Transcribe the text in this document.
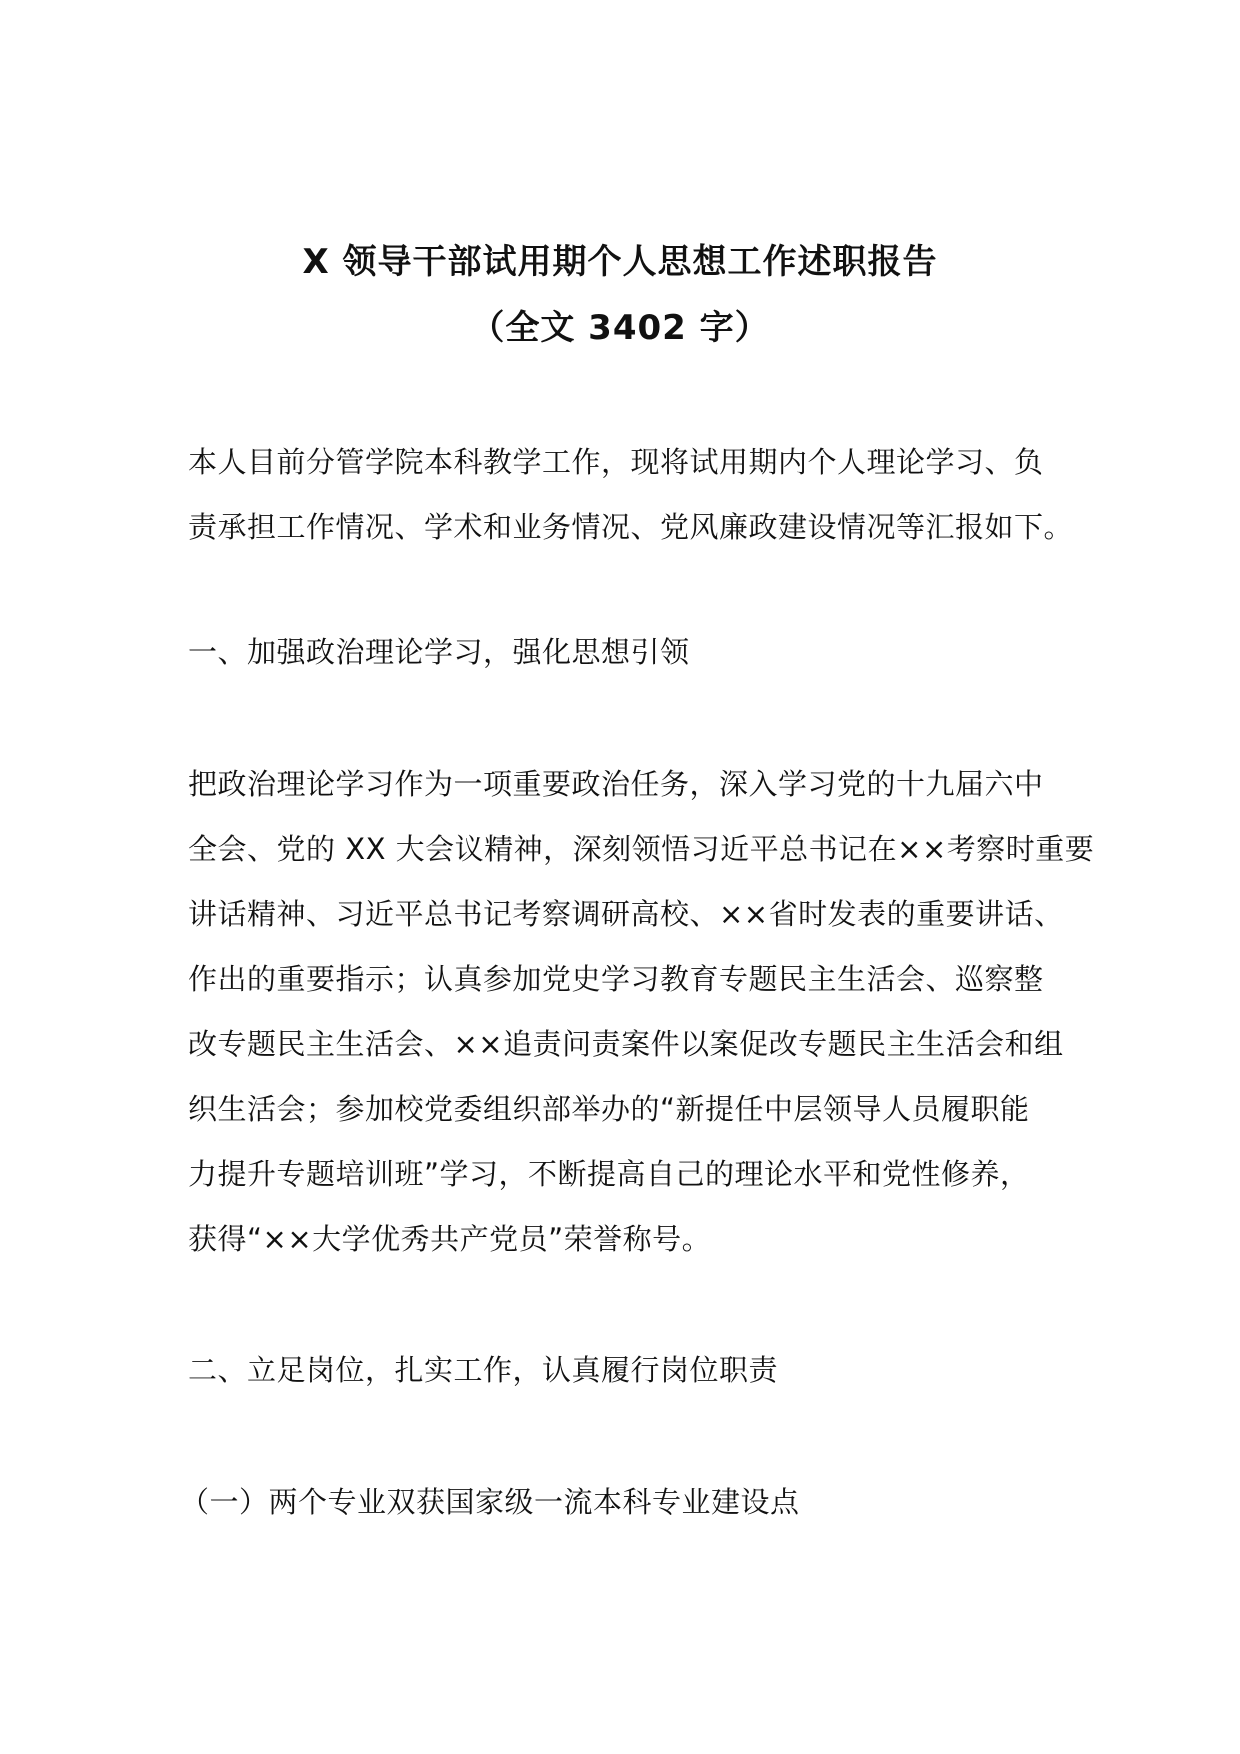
X 领导干部试用期个人思想工作述职报告
（全文 3402 字）

本人目前分管学院本科教学工作，现将试用期内个人理论学习、负
责承担工作情况、学术和业务情况、党风廉政建设情况等汇报如下。

一、加强政治理论学习，强化思想引领

把政治理论学习作为一项重要政治任务，深入学习党的十九届六中
全会、党的 XX 大会议精神，深刻领悟习近平总书记在××考察时重要
讲话精神、习近平总书记考察调研高校、××省时发表的重要讲话、
作出的重要指示；认真参加党史学习教育专题民主生活会、巡察整
改专题民主生活会、××追责问责案件以案促改专题民主生活会和组
织生活会；参加校党委组织部举办的“新提任中层领导人员履职能
力提升专题培训班”学习，不断提高自己的理论水平和党性修养，
获得“××大学优秀共产党员”荣誉称号。

二、立足岗位，扎实工作，认真履行岗位职责

（一）两个专业双获国家级一流本科专业建设点
